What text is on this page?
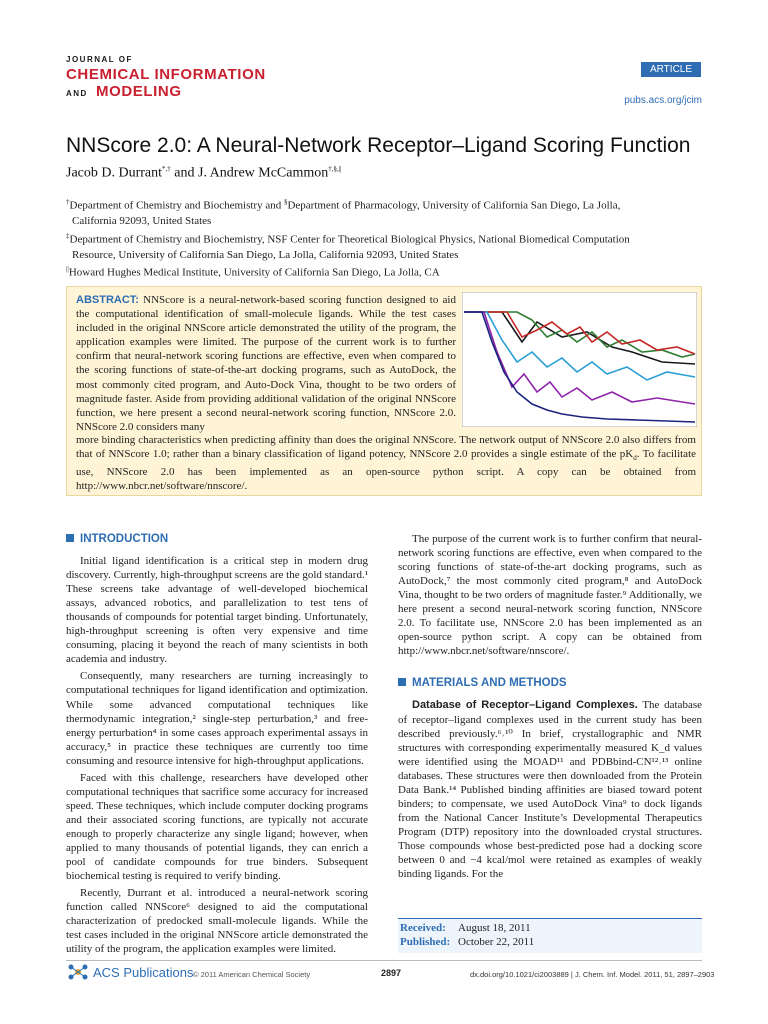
JOURNAL OF
CHEMICAL INFORMATION
AND MODELING
ARTICLE
pubs.acs.org/jcim
NNScore 2.0: A Neural-Network Receptor–Ligand Scoring Function
Jacob D. Durrant*,† and J. Andrew McCammon†,§,||
†Department of Chemistry and Biochemistry and §Department of Pharmacology, University of California San Diego, La Jolla,
California 92093, United States
‡Department of Chemistry and Biochemistry, NSF Center for Theoretical Biological Physics, National Biomedical Computation
Resource, University of California San Diego, La Jolla, California 92093, United States
||Howard Hughes Medical Institute, University of California San Diego, La Jolla, CA
ABSTRACT: NNScore is a neural-network-based scoring function designed to aid the computational identification of small-molecule ligands. While the test cases included in the original NNScore article demonstrated the utility of the program, the application examples were limited. The purpose of the current work is to further confirm that neural-network scoring functions are effective, even when compared to the scoring functions of state-of-the-art docking programs, such as AutoDock, the most commonly cited program, and Auto-Dock Vina, thought to be two orders of magnitude faster. Aside from providing additional validation of the original NNScore function, we here present a second neural-network scoring function, NNScore 2.0. NNScore 2.0 considers many
more binding characteristics when predicting affinity than does the original NNScore. The network output of NNScore 2.0 also differs from that of NNScore 1.0; rather than a binary classification of ligand potency, NNScore 2.0 provides a single estimate of the $pK_d$. To facilitate use, NNScore 2.0 has been implemented as an open-source python script. A copy can be obtained from http://www.nbcr.net/software/nnscore/.
INTRODUCTION

Initial ligand identification is a critical step in modern drug discovery. Currently, high-throughput screens are the gold standard.¹ These screens take advantage of well-developed biochemical assays, advanced robotics, and parallelization to test tens of thousands of compounds for potential target binding. Unfortunately, high-throughput screening is often very expensive and time consuming, placing it beyond the reach of many scientists in both academia and industry.

Consequently, many researchers are turning increasingly to computational techniques for ligand identification and optimization. While some advanced computational techniques like thermodynamic integration,² single-step perturbation,³ and free-energy perturbation⁴ in some cases approach experimental assays in accuracy,⁵ in practice these techniques are currently too time consuming and resource intensive for high-throughput applications.

Faced with this challenge, researchers have developed other computational techniques that sacrifice some accuracy for increased speed. These techniques, which include computer docking programs and their associated scoring functions, are typically not accurate enough to properly characterize any single ligand; however, when applied to many thousands of potential ligands, they can enrich a pool of candidate compounds for true binders. Subsequent biochemical testing is required to verify binding.

Recently, Durrant et al. introduced a neural-network scoring function called NNScore⁶ designed to aid the computational characterization of predocked small-molecule ligands. While the test cases included in the original NNScore article demonstrated the utility of the program, the application examples were limited.

The purpose of the current work is to further confirm that neural-network scoring functions are effective, even when compared to the scoring functions of state-of-the-art docking programs, such as AutoDock,⁷ the most commonly cited program,⁸ and AutoDock Vina, thought to be two orders of magnitude faster.⁹ Additionally, we here present a second neural-network scoring function, NNScore 2.0. To facilitate use, NNScore 2.0 has been implemented as an open-source python script. A copy can be obtained from http://www.nbcr.net/software/nnscore/.

MATERIALS AND METHODS

Database of Receptor–Ligand Complexes. The database of receptor–ligand complexes used in the current study has been described previously.⁶˒¹⁰ In brief, crystallographic and NMR structures with corresponding experimentally measured K_d values were identified using the MOAD¹¹ and PDBbind-CN¹²˒¹³ online databases. These structures were then downloaded from the Protein Data Bank.¹⁴ Published binding affinities are biased toward potent binders; to compensate, we used AutoDock Vina⁹ to dock ligands from the National Cancer Institute’s Developmental Therapeutics Program (DTP) repository into the downloaded crystal structures. Those compounds whose best-predicted pose had a docking score between 0 and −4 kcal/mol were retained as examples of weakly binding ligands. For the

Received: August 18, 2011
Published: October 22, 2011
ACS Publications © 2011 American Chemical Society	2897	dx.doi.org/10.1021/ci2003889 | J. Chem. Inf. Model. 2011, 51, 2897–2903
